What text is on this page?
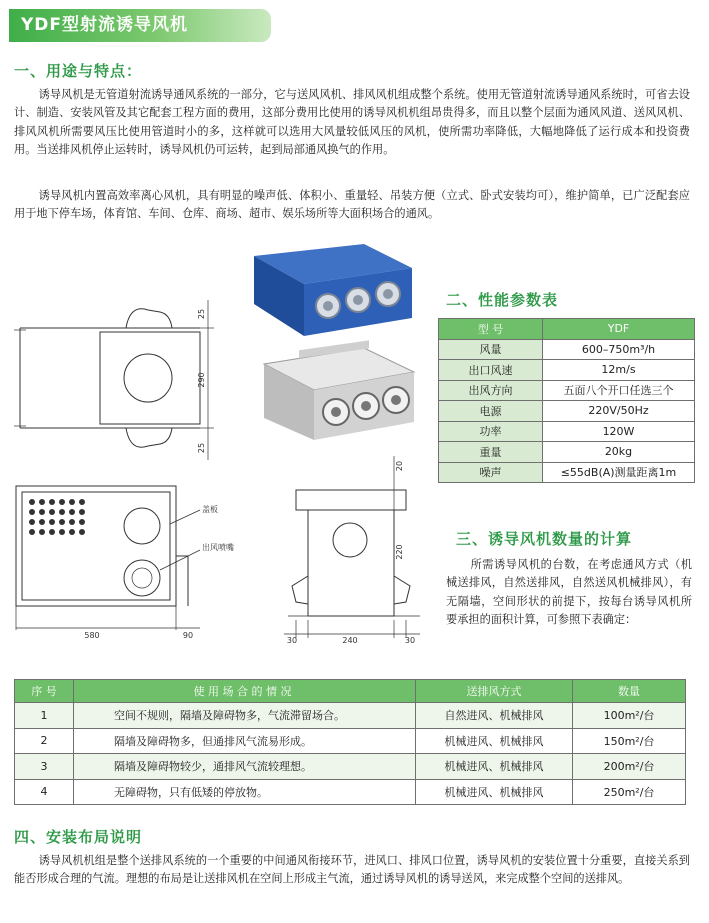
YDF型射流诱导风机
一、用途与特点：
诱导风机是无管道射流诱导通风系统的一部分，它与送风风机、排风风机组成整个系统。使用无管道射流诱导通风系统时，可省去设计、制造、安装风管及其它配套工程方面的费用，这部分费用比使用的诱导风机机组昂贵得多，而且以整个层面为通风风道、送风风机、排风风机所需要风压比使用管道时小的多，这样就可以选用大风量较低风压的风机，使所需功率降低，大幅地降低了运行成本和投资费用。当送排风机停止运转时，诱导风机仍可运转，起到局部通风换气的作用。
诱导风机内置高效率离心风机，具有明显的噪声低、体积小、重量轻、吊装方便（立式、卧式安装均可），维护简单，已广泛配套应用于地下停车场，体育馆、车间、仓库、商场、超市、娱乐场所等大面积场合的通风。
25
290
25
580	90
盖板
出风喷嘴
20
220
30	240	30
二、性能参数表
型 号	YDF
风量	600–750m³/h
出口风速	12m/s
出风方向	五面八个开口任选三个
电源	220V/50Hz
功率	120W
重量	20kg
噪声	≤55dB(A)测量距离1m
三、诱导风机数量的计算
所需诱导风机的台数，在考虑通风方式（机械送排风，自然送排风，自然送风机械排风），有无隔墙，空间形状的前提下，按每台诱导风机所要承担的面积计算，可参照下表确定：
序 号	使 用 场 合 的 情 况	送排风方式	数量
1	空间不规则，隔墙及障碍物多，气流滞留场合。	自然进风、机械排风	100m²/台
2	隔墙及障碍物多，但通排风气流易形成。	机械进风、机械排风	150m²/台
3	隔墙及障碍物较少，通排风气流较理想。	机械进风、机械排风	200m²/台
4	无障碍物，只有低矮的停放物。	机械进风、机械排风	250m²/台
四、安装布局说明
诱导风机机组是整个送排风系统的一个重要的中间通风衔接环节，进风口、排风口位置，诱导风机的安装位置十分重要，直接关系到能否形成合理的气流。理想的布局是让送排风机在空间上形成主气流，通过诱导风机的诱导送风，来完成整个空间的送排风。
